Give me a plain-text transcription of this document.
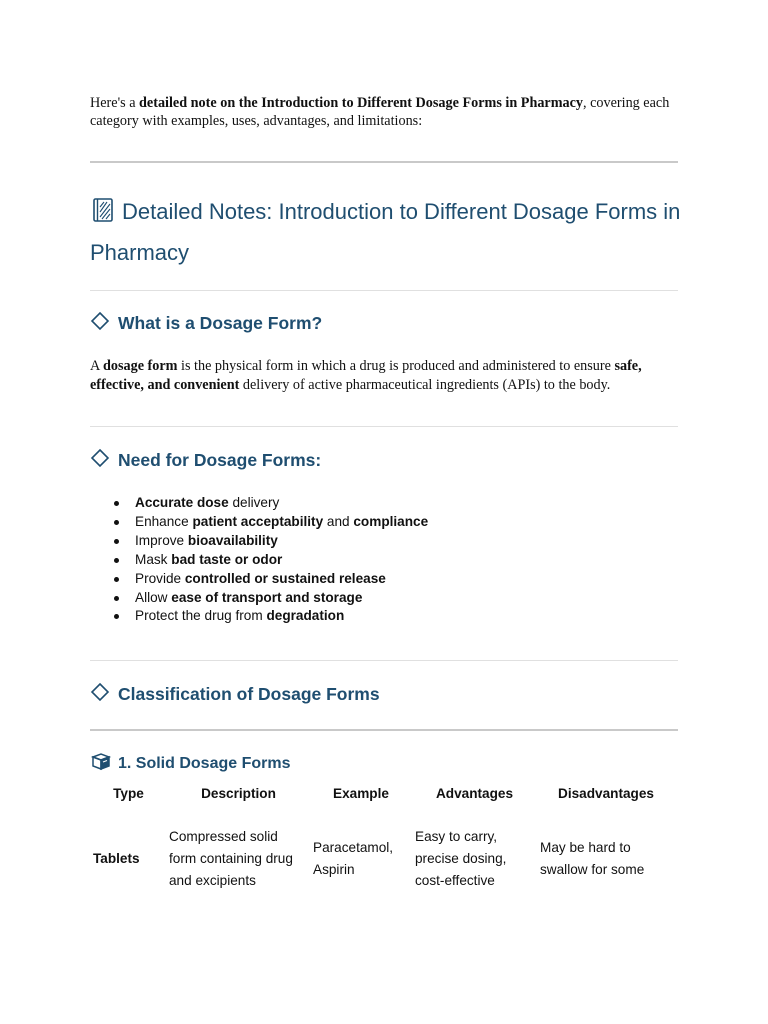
Here's a detailed note on the Introduction to Different Dosage Forms in Pharmacy, covering each category with examples, uses, advantages, and limitations:

Detailed Notes: Introduction to Different Dosage Forms in Pharmacy
What is a Dosage Form?

A dosage form is the physical form in which a drug is produced and administered to ensure safe, effective, and convenient delivery of active pharmaceutical ingredients (APIs) to the body.

Need for Dosage Forms:
Accurate dose delivery
Enhance patient acceptability and compliance
Improve bioavailability
Mask bad taste or odor
Provide controlled or sustained release
Allow ease of transport and storage
Protect the drug from degradation
Classification of Dosage Forms
1. Solid Dosage Forms
Type	Description	Example	Advantages	Disadvantages
Tablets	Compressed solid form containing drug and excipients	Paracetamol, Aspirin	Easy to carry, precise dosing, cost-effective	May be hard to swallow for some
